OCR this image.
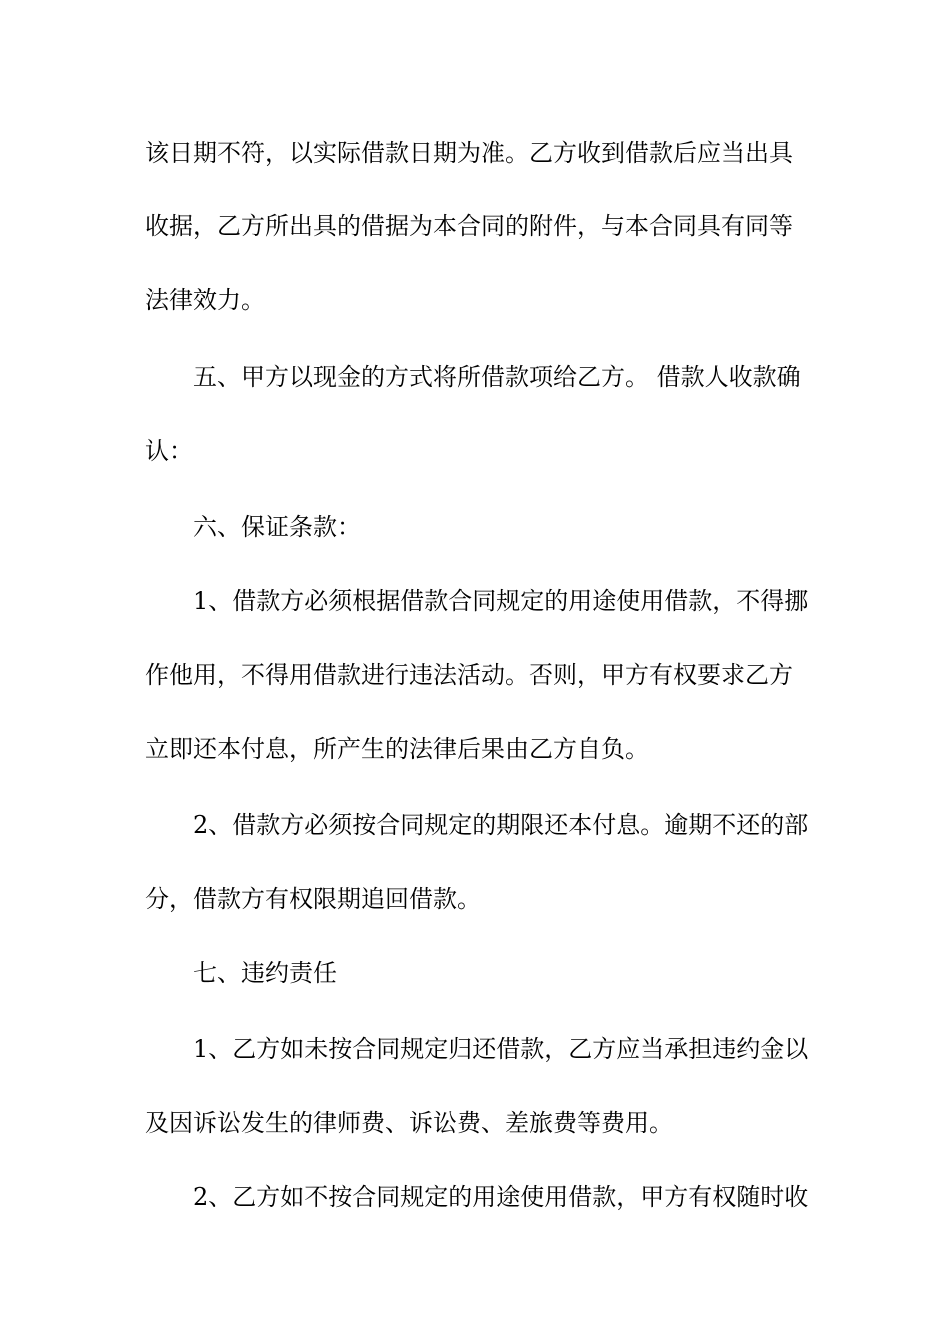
该日期不符，以实际借款日期为准。乙方收到借款后应当出具
收据，乙方所出具的借据为本合同的附件，与本合同具有同等
法律效力。
五、甲方以现金的方式将所借款项给乙方。 借款人收款确
认：
六、保证条款：
1、借款方必须根据借款合同规定的用途使用借款，不得挪
作他用，不得用借款进行违法活动。否则，甲方有权要求乙方
立即还本付息，所产生的法律后果由乙方自负。
2、借款方必须按合同规定的期限还本付息。逾期不还的部
分，借款方有权限期追回借款。
七、违约责任
1、乙方如未按合同规定归还借款，乙方应当承担违约金以
及因诉讼发生的律师费、诉讼费、差旅费等费用。
2、乙方如不按合同规定的用途使用借款，甲方有权随时收
